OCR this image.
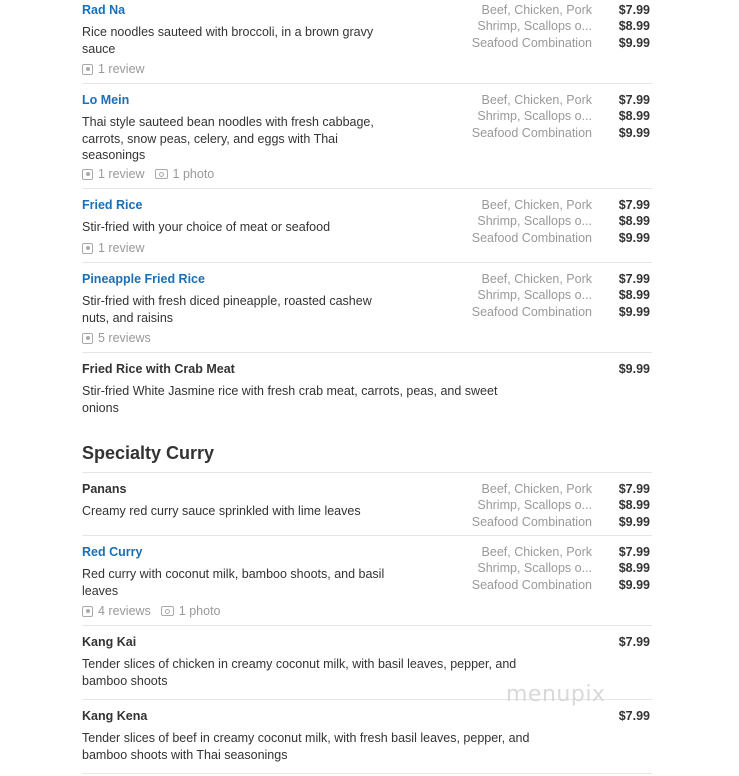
Rad Na
Rice noodles sauteed with broccoli, in a brown gravy sauce
1 review
Beef, Chicken, Pork
Shrimp, Scallops o...
Seafood Combination
$7.99
$8.99
$9.99
Lo Mein
Thai style sauteed bean noodles with fresh cabbage, carrots, snow peas, celery, and eggs with Thai seasonings
1 review 1 photo
Beef, Chicken, Pork
Shrimp, Scallops o...
Seafood Combination
$7.99
$8.99
$9.99
Fried Rice
Stir-fried with your choice of meat or seafood
1 review
Beef, Chicken, Pork
Shrimp, Scallops o...
Seafood Combination
$7.99
$8.99
$9.99
Pineapple Fried Rice
Stir-fried with fresh diced pineapple, roasted cashew nuts, and raisins
5 reviews
Beef, Chicken, Pork
Shrimp, Scallops o...
Seafood Combination
$7.99
$8.99
$9.99
Fried Rice with Crab Meat
Stir-fried White Jasmine rice with fresh crab meat, carrots, peas, and sweet onions
$9.99
Specialty Curry
Panans
Creamy red curry sauce sprinkled with lime leaves
Beef, Chicken, Pork
Shrimp, Scallops o...
Seafood Combination
$7.99
$8.99
$9.99
Red Curry
Red curry with coconut milk, bamboo shoots, and basil leaves
4 reviews 1 photo
Beef, Chicken, Pork
Shrimp, Scallops o...
Seafood Combination
$7.99
$8.99
$9.99
Kang Kai
Tender slices of chicken in creamy coconut milk, with basil leaves, pepper, and bamboo shoots
$7.99
Kang Kena
Tender slices of beef in creamy coconut milk, with fresh basil leaves, pepper, and bamboo shoots with Thai seasonings
$7.99
menupix
